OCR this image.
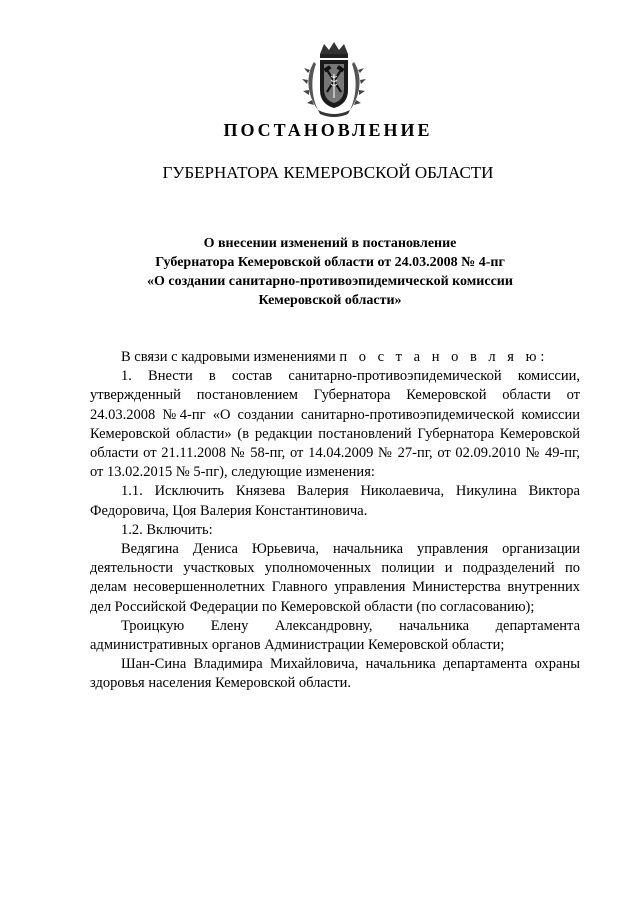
ПОСТАНОВЛЕНИЕ
ГУБЕРНАТОРА КЕМЕРОВСКОЙ ОБЛАСТИ
О внесении изменений в постановление
Губернатора Кемеровской области от 24.03.2008 № 4-пг
«О создании санитарно-противоэпидемической комиссии
Кемеровской области»

В связи с кадровыми изменениями п о с т а н о в л я ю:

1. Внести в состав санитарно-противоэпидемической комиссии, утвержденный постановлением Губернатора Кемеровской области от 24.03.2008 №4-пг «О создании санитарно-противоэпидемической комиссии Кемеровской области» (в редакции постановлений Губернатора Кемеровской области от 21.11.2008 № 58-пг, от 14.04.2009 № 27-пг, от 02.09.2010 № 49-пг, от 13.02.2015 № 5-пг), следующие изменения:

1.1. Исключить Князева Валерия Николаевича, Никулина Виктора Федоровича, Цоя Валерия Константиновича.

1.2. Включить:

Ведягина Дениса Юрьевича, начальника управления организации деятельности участковых уполномоченных полиции и подразделений по делам несовершеннолетних Главного управления Министерства внутренних дел Российской Федерации по Кемеровской области (по согласованию);

Троицкую Елену Александровну, начальника департамента административных органов Администрации Кемеровской области;

Шан-Сина Владимира Михайловича, начальника департамента охраны здоровья населения Кемеровской области.
